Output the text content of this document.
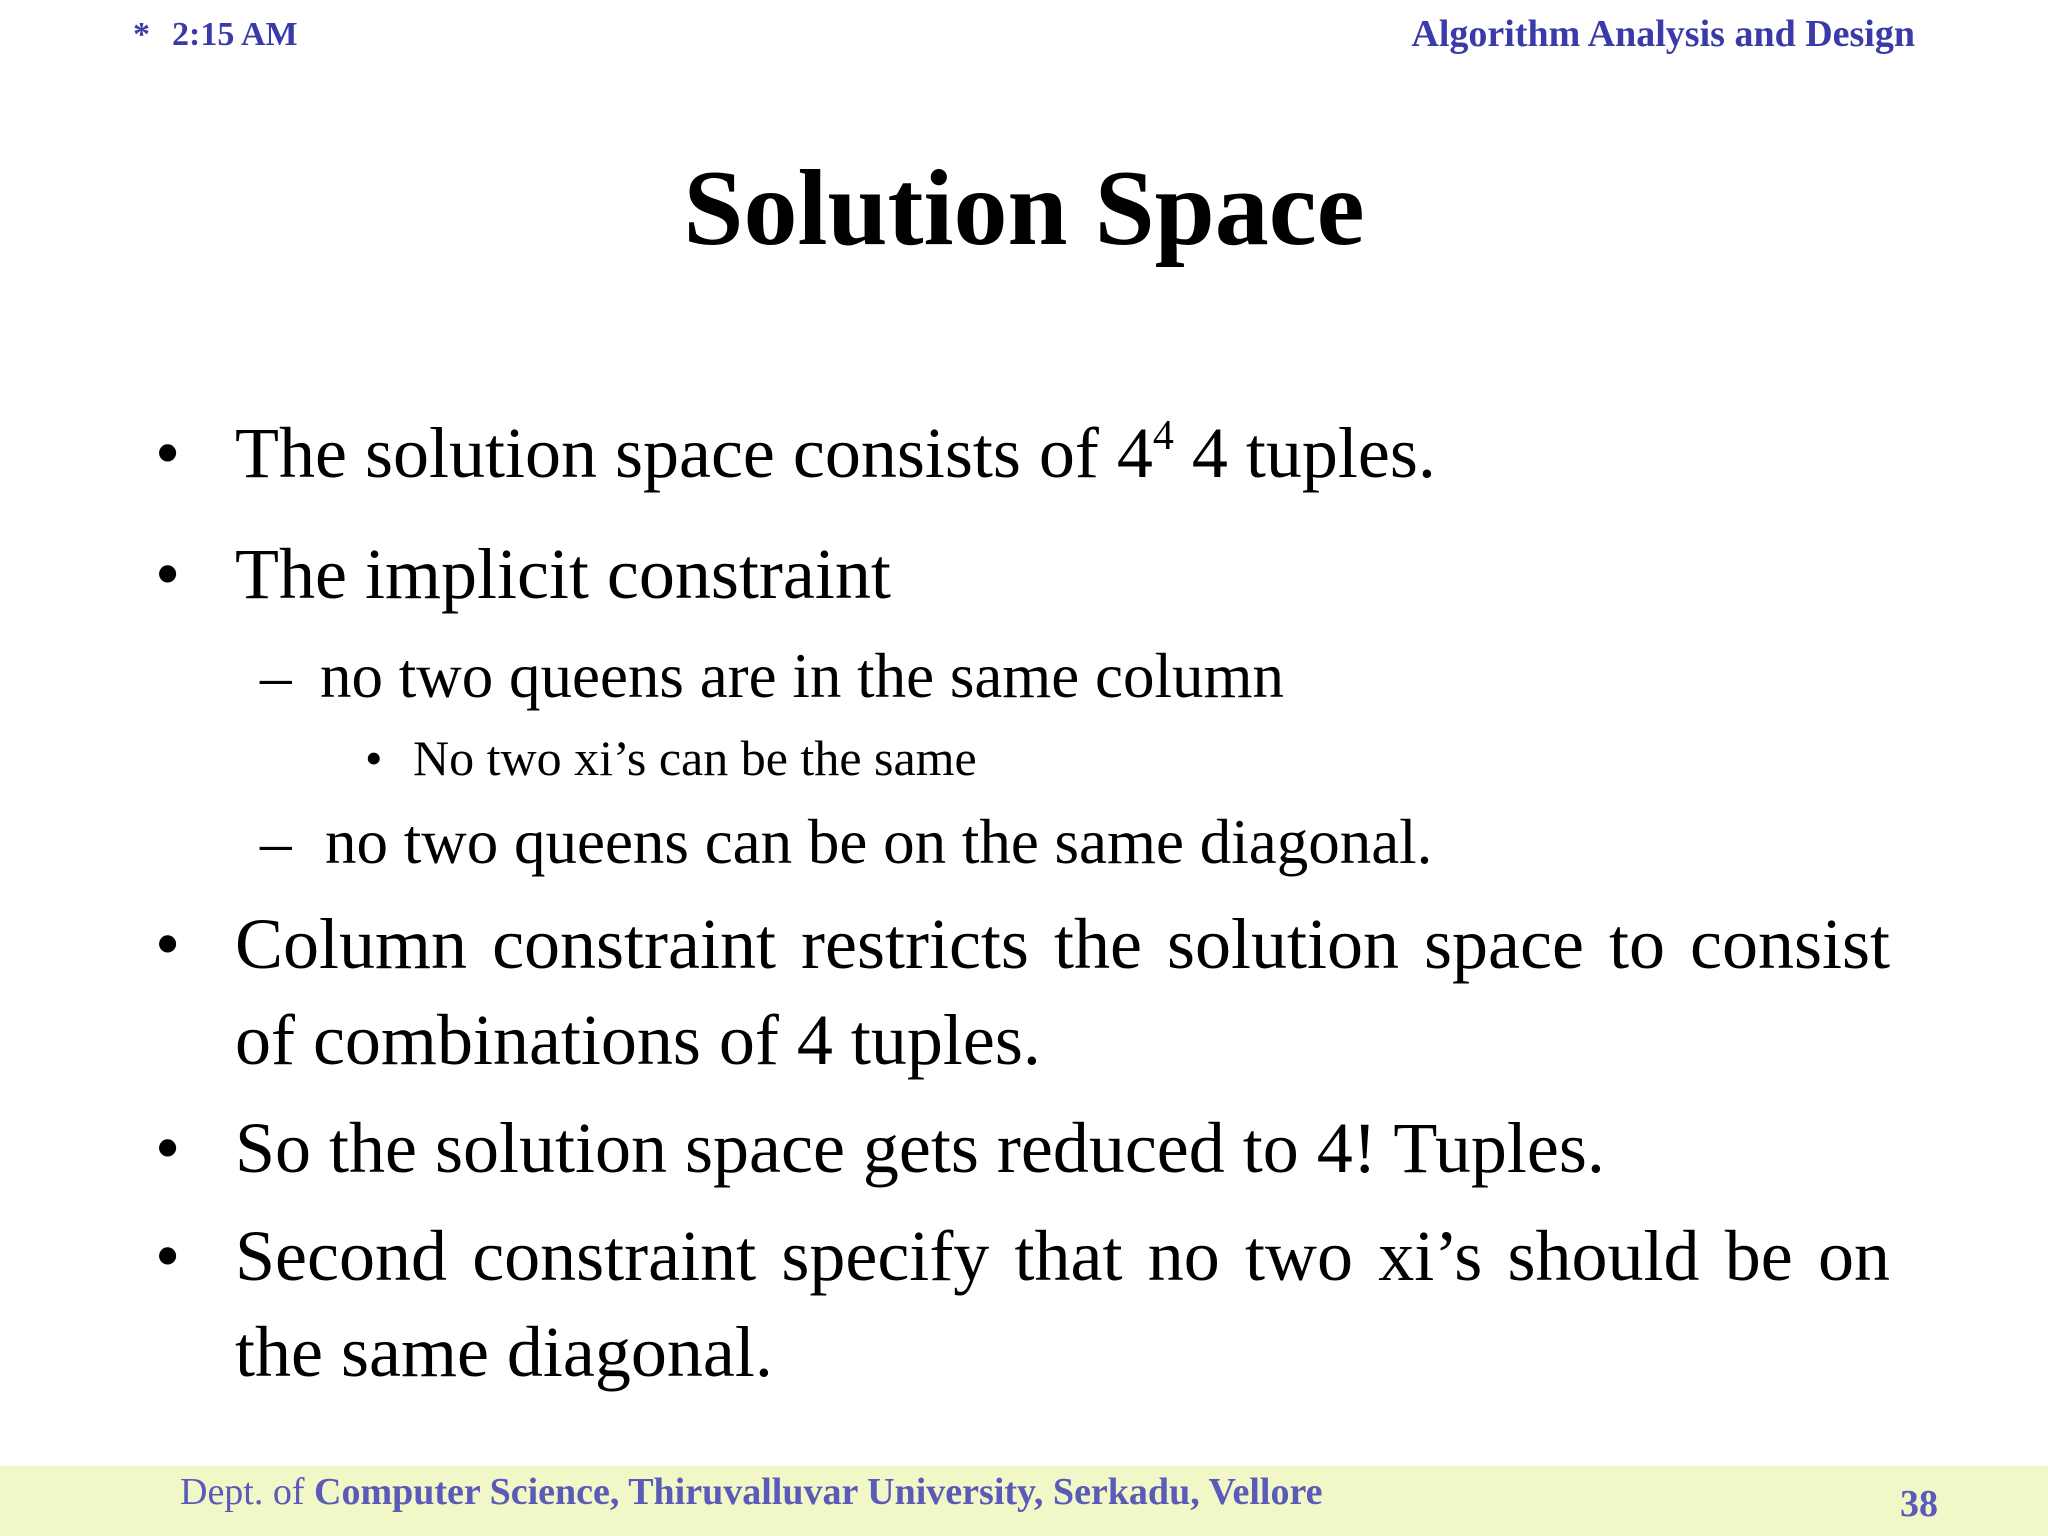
* 2:15 AM	Algorithm Analysis and Design
Solution Space
• The solution space consists of $4^4$ 4 tuples.
• The implicit constraint
– no two queens are in the same column
• No two xi’s can be the same
– no two queens can be on the same diagonal.
• Column constraint restricts the solution space to consist of combinations of 4 tuples.
• So the solution space gets reduced to 4! Tuples.
• Second constraint specify that no two xi’s should be on the same diagonal.
Dept. of Computer Science, Thiruvalluvar University, Serkadu, Vellore	38
